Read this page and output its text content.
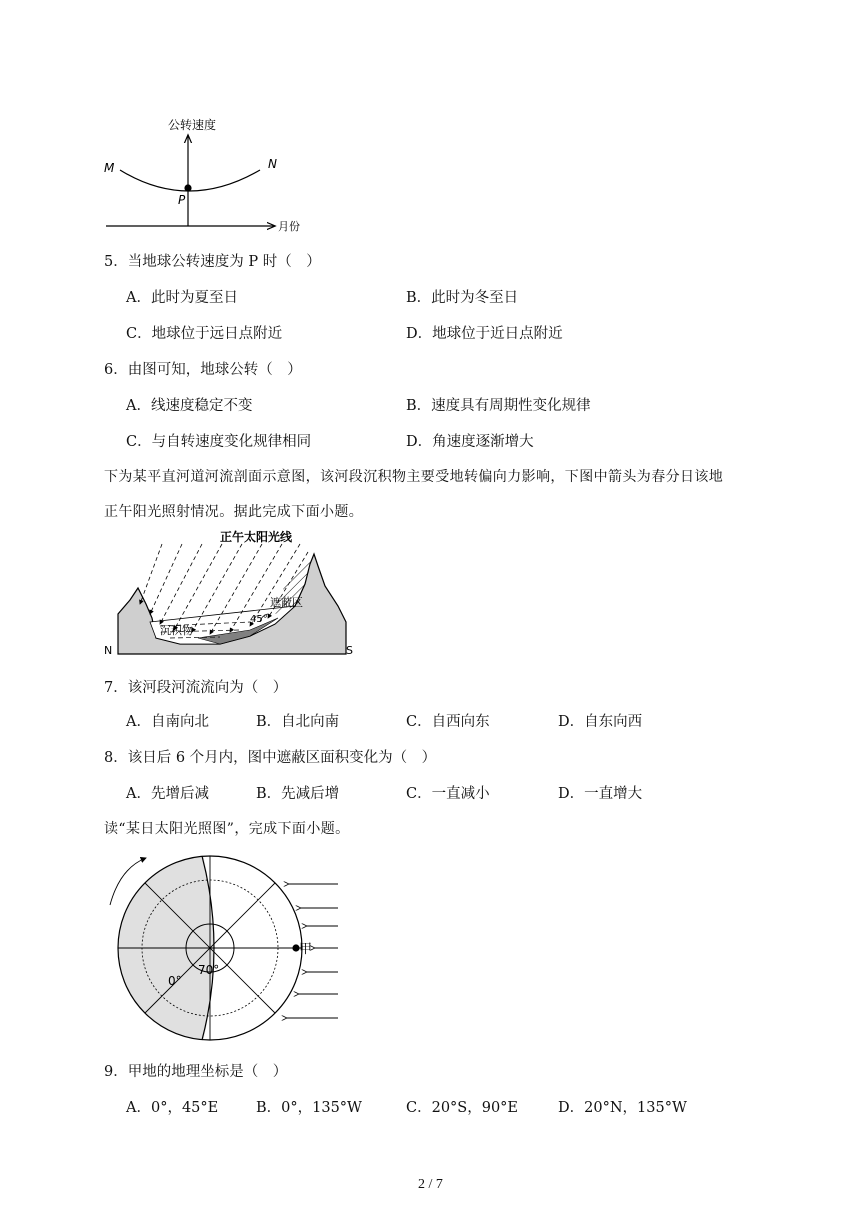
公转速度
月份
M	N
P
5．当地球公转速度为 P 时（　）
A．此时为夏至日	B．此时为冬至日
C．地球位于远日点附近	D．地球位于近日点附近
6．由图可知，地球公转（　）
A．线速度稳定不变	B．速度具有周期性变化规律
C．与自转速度变化规律相同	D．角速度逐渐增大
下为某平直河道河流剖面示意图，该河段沉积物主要受地转偏向力影响，下图中箭头为春分日该地
正午阳光照射情况。据此完成下面小题。
正午太阳光线
遮蔽区
45°
沉积物
N	S
7．该河段河流流向为（　）
A．自南向北	B．自北向南	C．自西向东	D．自东向西
8．该日后 6 个月内，图中遮蔽区面积变化为（　）
A．先增后减	B．先减后增	C．一直减小	D．一直增大
读“某日太阳光照图”，完成下面小题。
70°
0°
甲
9．甲地的地理坐标是（　）
A．0°，45°E	B．0°，135°W	C．20°S，90°E	D．20°N，135°W
2 / 7
